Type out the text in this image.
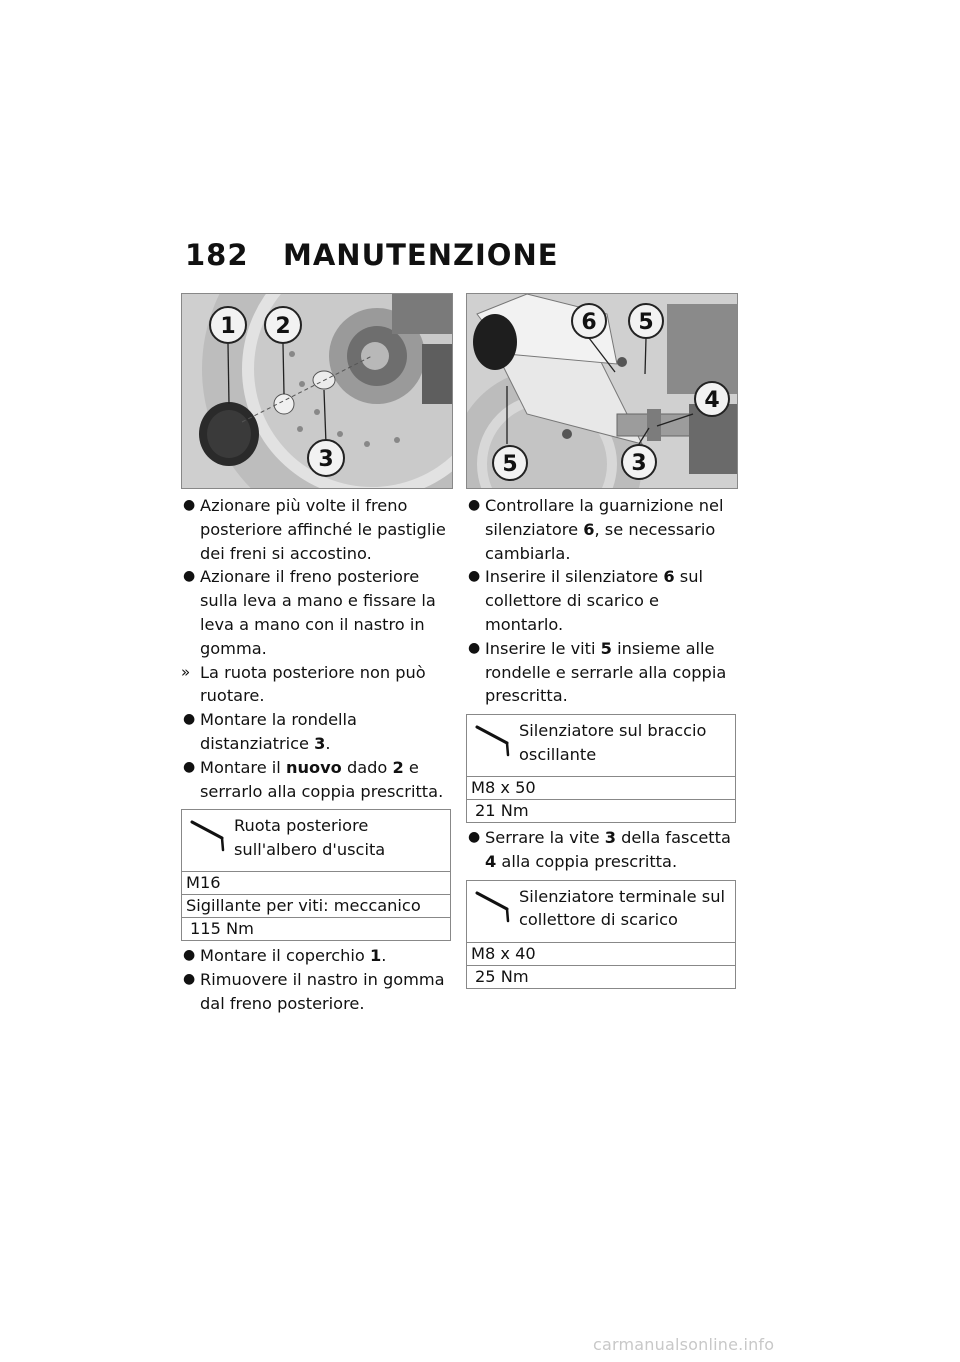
182 MANUTENZIONE
1 2
3

● Azionare più volte il freno posteriore affinché le pastiglie dei freni si accostino.

● Azionare il freno posteriore sulla leva a mano e fissare la leva a mano con il nastro in gomma.

» La ruota posteriore non può ruotare.

● Montare la rondella distanziatrice 3.

● Montare il nuovo dado 2 e serrarlo alla coppia prescritta.

Ruota posteriore sull'albero d'uscita
M16
Sigillante per viti: meccanico
115 Nm

● Montare il coperchio 1.

● Rimuovere il nastro in gomma dal freno posteriore.

6 5
4
5	3

● Controllare la guarnizione nel silenziatore 6, se necessario cambiarla.

● Inserire il silenziatore 6 sul collettore di scarico e montarlo.

● Inserire le viti 5 insieme alle rondelle e serrarle alla coppia prescritta.

Silenziatore sul braccio oscillante
M8 x 50
21 Nm

● Serrare la vite 3 della fascetta 4 alla coppia prescritta.

Silenziatore terminale sul collettore di scarico
M8 x 40
25 Nm
carmanualsonline.info
